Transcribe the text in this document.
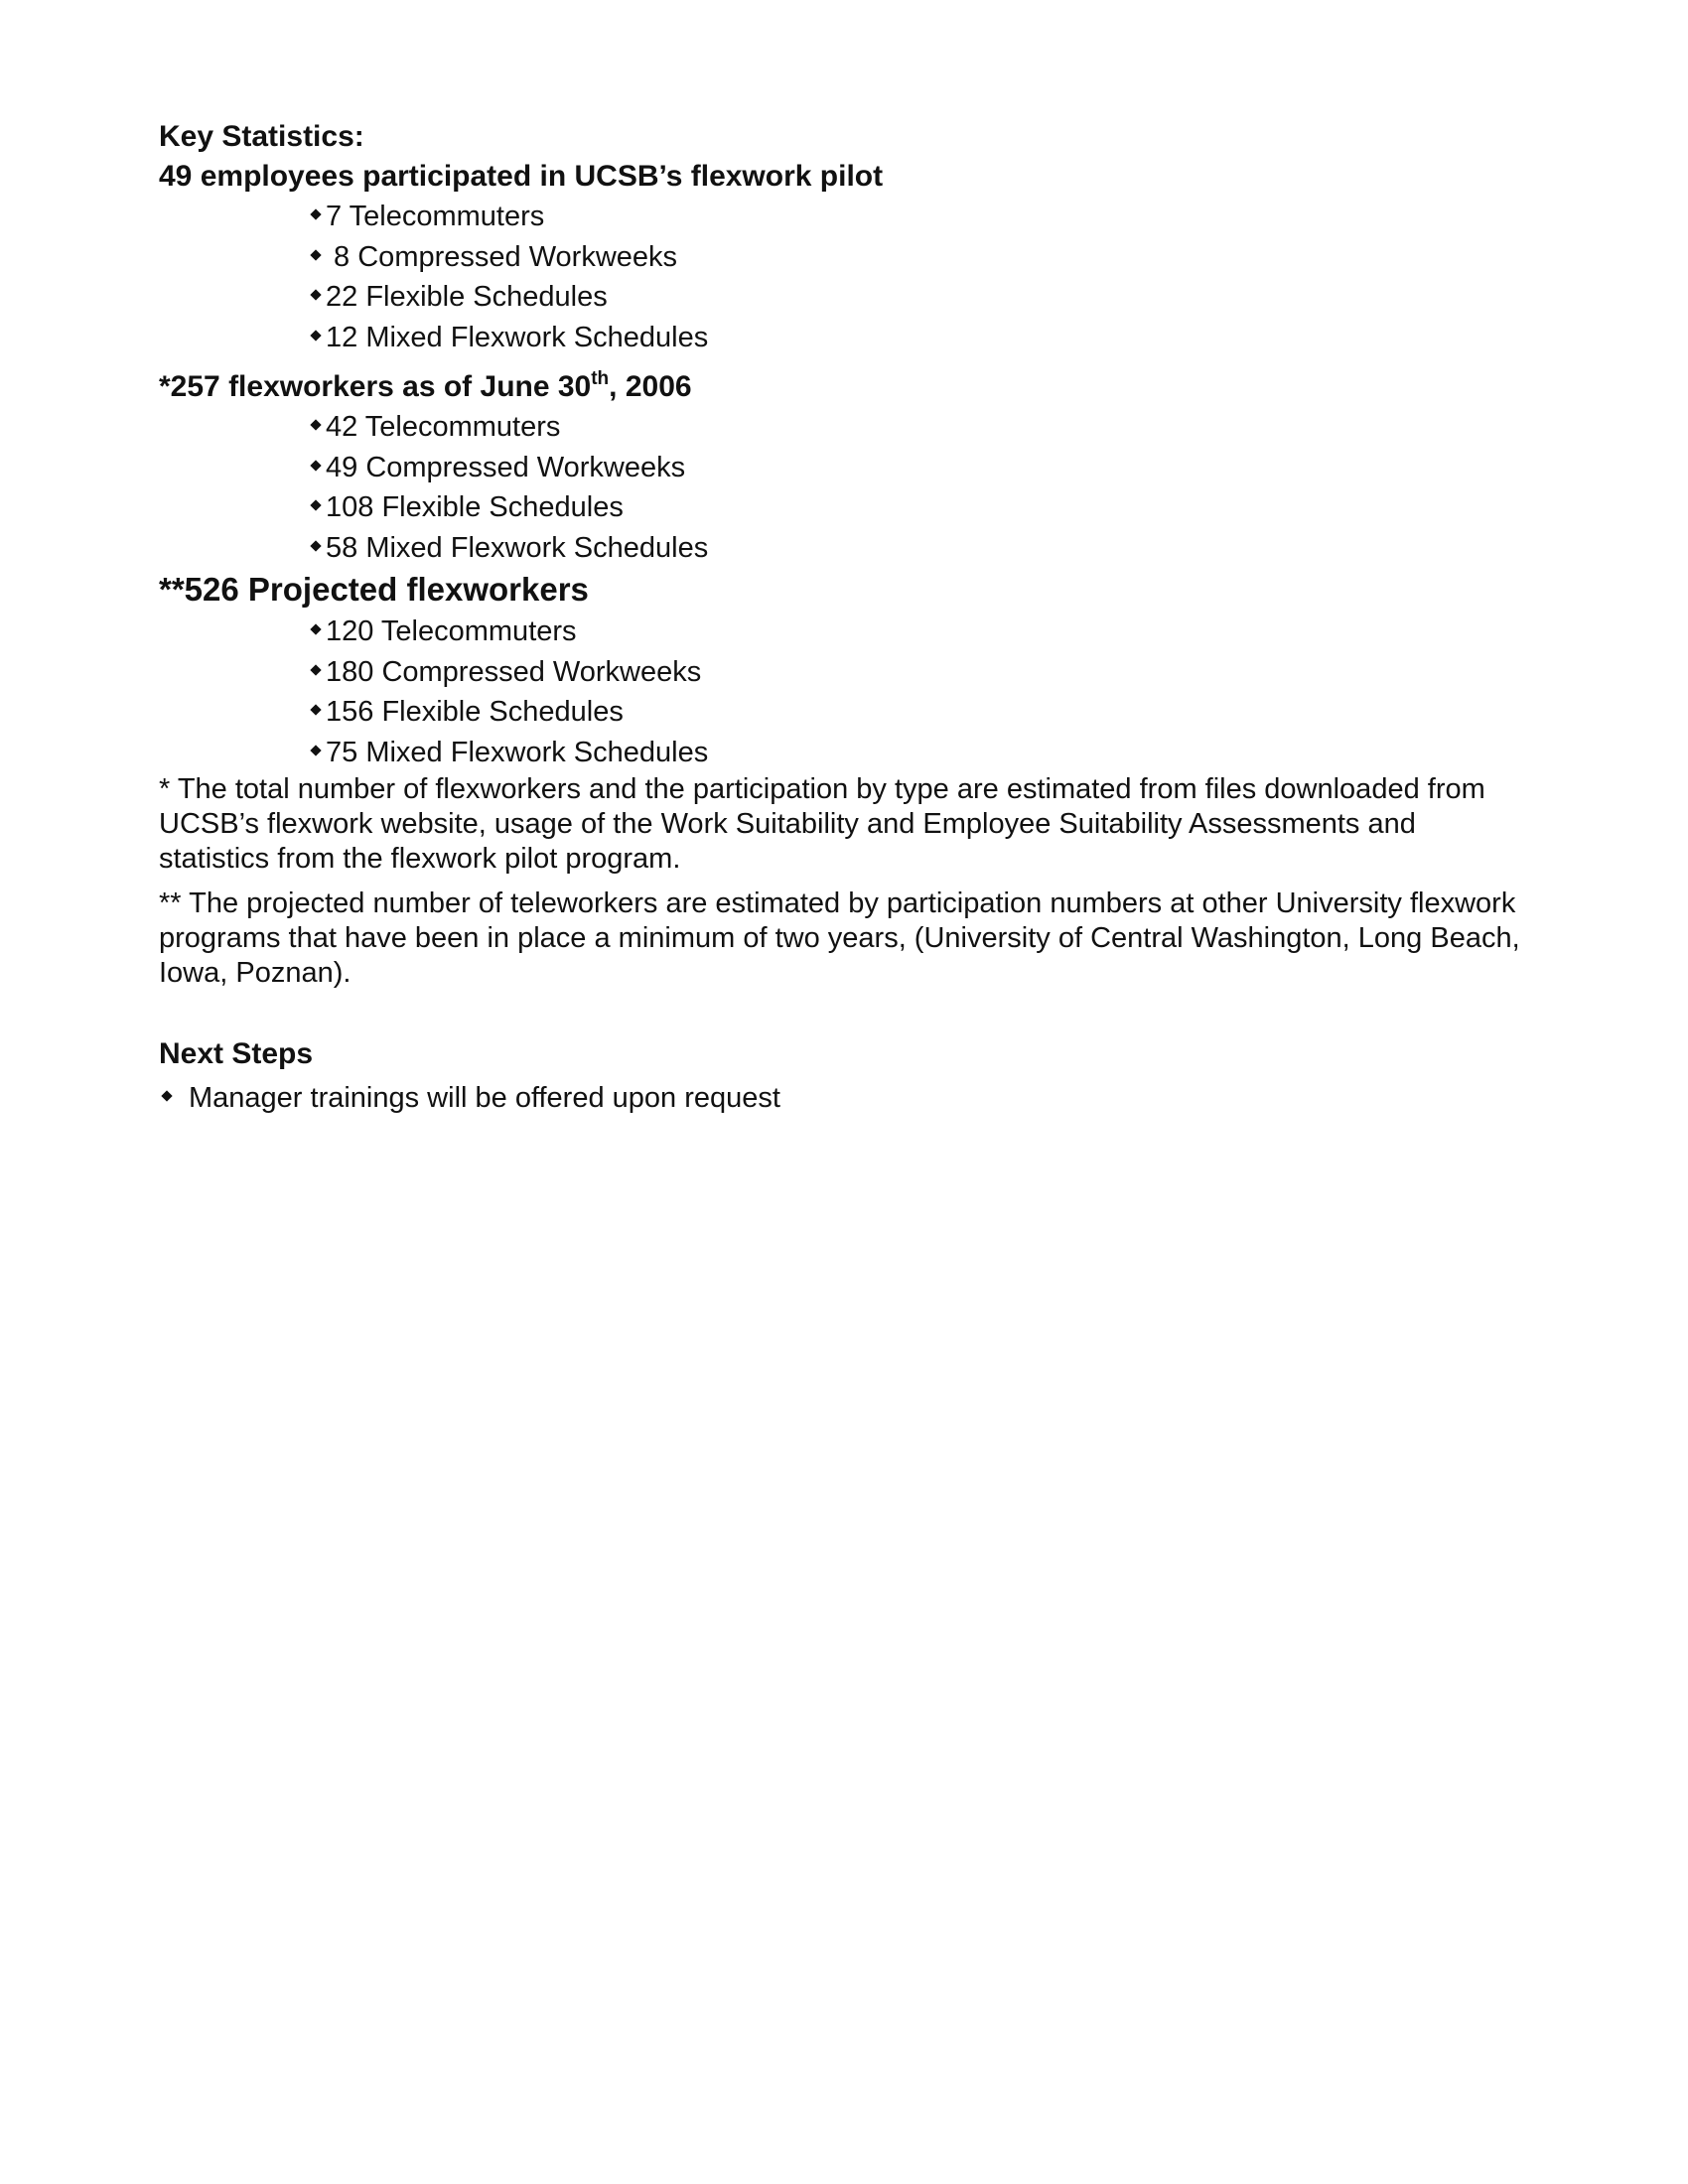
Key Statistics:

49 employees participated in UCSB’s flexwork pilot

7 Telecommuters
8 Compressed Workweeks
22 Flexible Schedules
12 Mixed Flexwork Schedules

*257 flexworkers as of June 30th, 2006

42 Telecommuters
49 Compressed Workweeks
108 Flexible Schedules
58 Mixed Flexwork Schedules

**526 Projected flexworkers

120 Telecommuters
180 Compressed Workweeks
156 Flexible Schedules
75 Mixed Flexwork Schedules

* The total number of flexworkers and the participation by type are estimated from files downloaded from UCSB’s flexwork website, usage of the Work Suitability and Employee Suitability Assessments and statistics from the flexwork pilot program.

** The projected number of teleworkers are estimated by participation numbers at other University flexwork programs that have been in place a minimum of two years, (University of Central Washington, Long Beach, Iowa, Poznan).

Next Steps

Manager trainings will be offered upon request
